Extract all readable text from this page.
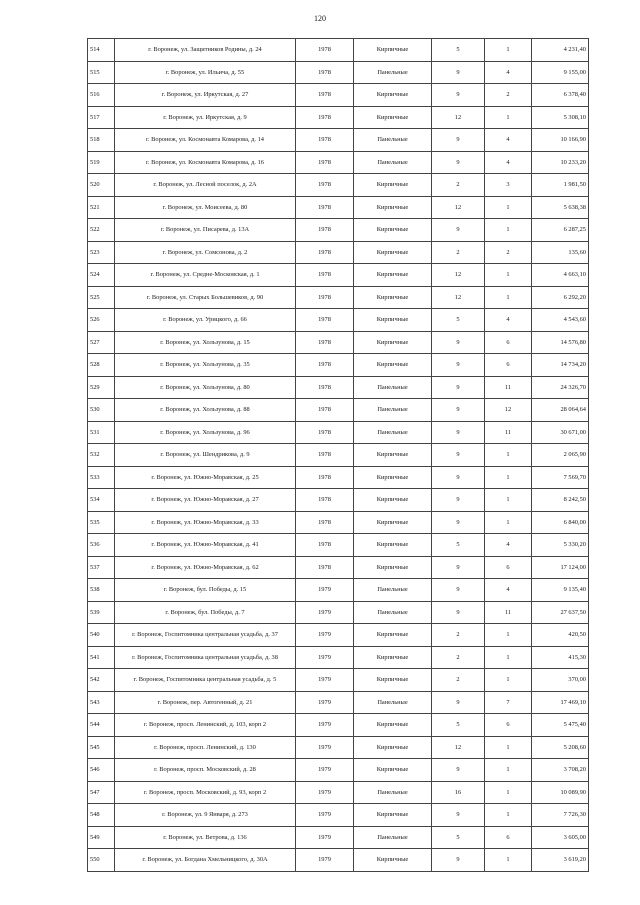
120
514	г. Воронеж, ул. Защитников Родины, д. 24	1978	Кирпичные	5	1	4 231,40
515	г. Воронеж, ул. Ильича, д. 55	1978	Панельные	9	4	9 155,00
516	г. Воронеж, ул. Иркутская, д. 27	1978	Кирпичные	9	2	6 378,40
517	г. Воронеж, ул. Иркутская, д. 9	1978	Кирпичные	12	1	5 308,10
518	г. Воронеж, ул. Космонавта Комарова, д. 14	1978	Панельные	9	4	10 166,90
519	г. Воронеж, ул. Космонавта Комарова, д. 16	1978	Панельные	9	4	10 233,20
520	г. Воронеж, ул. Лесной поселок, д. 2А	1978	Кирпичные	2	3	1 981,50
521	г. Воронеж, ул. Моисеева, д. 80	1978	Кирпичные	12	1	5 638,38
522	г. Воронеж, ул. Писарева, д. 13А	1978	Кирпичные	9	1	6 287,25
523	г. Воронеж, ул. Сомсонова, д. 2	1978	Кирпичные	2	2	135,60
524	г. Воронеж, ул. Средне-Московская, д. 1	1978	Кирпичные	12	1	4 663,10
525	г. Воронеж, ул. Старых Большевиков, д. 90	1978	Кирпичные	12	1	6 292,20
526	г. Воронеж, ул. Урицкого, д. 66	1978	Кирпичные	5	4	4 543,60
527	г. Воронеж, ул. Хользунова, д. 15	1978	Кирпичные	9	6	14 576,80
528	г. Воронеж, ул. Хользунова, д. 35	1978	Кирпичные	9	6	14 734,20
529	г. Воронеж, ул. Хользунова, д. 80	1978	Панельные	9	11	24 326,70
530	г. Воронеж, ул. Хользунова, д. 88	1978	Панельные	9	12	28 064,64
531	г. Воронеж, ул. Хользунова, д. 96	1978	Панельные	9	11	30 671,00
532	г. Воронеж, ул. Шендрикова, д. 9	1978	Кирпичные	9	1	2 065,90
533	г. Воронеж, ул. Южно-Моравская, д. 25	1978	Кирпичные	9	1	7 569,70
534	г. Воронеж, ул. Южно-Моравская, д. 27	1978	Кирпичные	9	1	8 242,50
535	г. Воронеж, ул. Южно-Моравская, д. 33	1978	Кирпичные	9	1	6 840,00
536	г. Воронеж, ул. Южно-Моравская, д. 41	1978	Кирпичные	5	4	5 330,20
537	г. Воронеж, ул. Южно-Моравская, д. 62	1978	Кирпичные	9	6	17 124,00
538	г. Воронеж, бул. Победы, д. 15	1979	Панельные	9	4	9 135,40
539	г. Воронеж, бул. Победы, д. 7	1979	Панельные	9	11	27 637,50
540	г. Воронеж, Госпитомника центральная усадьба, д. 37	1979	Кирпичные	2	1	420,50
541	г. Воронеж, Госпитомника центральная усадьба, д. 38	1979	Кирпичные	2	1	415,30
542	г. Воронеж, Госпитомника центральная усадьба, д. 5	1979	Кирпичные	2	1	370,00
543	г. Воронеж, пер. Автогенный, д. 21	1979	Панельные	9	7	17 469,10
544	г. Воронеж, просп. Ленинский, д. 103, корп 2	1979	Кирпичные	5	6	5 475,40
545	г. Воронеж, просп. Ленинский, д. 130	1979	Кирпичные	12	1	5 208,60
546	г. Воронеж, просп. Московский, д. 28	1979	Кирпичные	9	1	3 708,20
547	г. Воронеж, просп. Московский, д. 93, корп 2	1979	Панельные	16	1	10 089,90
548	г. Воронеж, ул. 9 Января, д. 273	1979	Кирпичные	9	1	7 726,30
549	г. Воронеж, ул. Ветрова, д. 136	1979	Панельные	5	6	3 605,00
550	г. Воронеж, ул. Богдана Хмельницкого, д. 30А	1979	Кирпичные	9	1	3 619,20
